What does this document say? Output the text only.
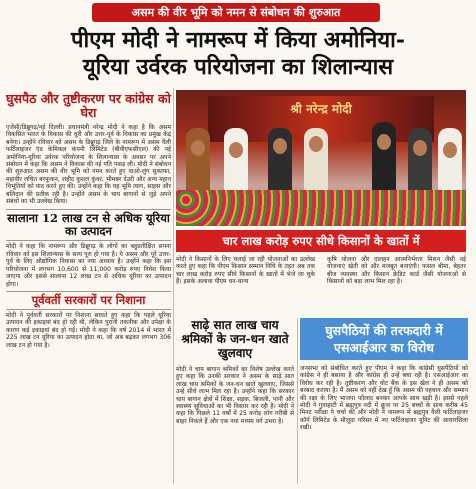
असम की वीर भूमि को नमन से संबोधन की शुरुआत
पीएम मोदी ने नामरूप में किया अमोनिया-
यूरिया उर्वरक परियोजना का शिलान्यास
घुसपैठ और तुष्टीकरण पर कांग्रेस को घेरा
एजेंसी/डिब्रूगढ़/नई दिल्ली। प्रधानमंत्री नरेन्द्र मोदी ने कहा है कि असम विकसित भारत के विकास की धुरी और उत्तर-पूर्व के विकास का प्रमुख केंद्र बनेगा। उन्होंने रविवार को असम के डिब्रूगढ़ जिले के नामरूप में असम वैली फर्टिलाइजर एंड केमिकल कंपनी लिमिटेड (बीवीएफसीएल) की नई अमोनिया-यूरिया उर्वरक परियोजना के शिलान्यास के अवसर पर अपने संबोधन में कहा कि असम ने विकास की नई गति पकड़ ली। मोदी ने संबोधन की शुरुआत असम की वीर भूमि को नमन करते हुए वाओ-लुंग सुकाफा, महावीर लचित बरफुकन, शहीद कुशल कुंवर, भीमबर देउरी और अन्य महान विभूतियों को याद करते हुए की। उन्होंने कहा कि यह भूमि त्याग, साहस और बलिदान की प्रतीक रही है। उन्होंने असम के चाय बागानों से जुड़े अपने संबंधों का भी उल्लेख किया।
सालाना 12 लाख टन से अधिक यूरिया का उत्पादन
मोदी ने कहा कि नामरूप और डिब्रूगढ़ के लोगों का बहुप्रतीक्षित सपना रविवार को इस शिलान्यास के साथ पूरा हो गया है। ये असम और पूरे उत्तर-पूर्व के लिए औद्योगिक विकास का नया अध्याय है। उन्होंने कहा कि इस परियोजना में लगभग 10,600 से 11,000 करोड़ रुपए निवेश किया जाएगा और इससे सालाना 12 लाख टन से अधिक यूरिया का उत्पादन होगा।
पूर्ववर्ती सरकारों पर निशाना
मोदी ने पूर्ववर्ती सरकारों पर निशाना साधते हुए कहा कि पहले यूरिया उत्पादन की इकाइयां बंद हो रही थीं, लेकिन पुरानी तकनीक और उपेक्षा के कारण कई इकाइयां बंद हो गईं। मोदी ने कहा कि वर्ष 2014 में भारत में 225 लाख टन यूरिया का उत्पादन होता था, जो अब बढ़कर लगभग 306 लाख टन हो गया है।
श्री नरेन्द्र मोदी
चार लाख करोड़ रुपए सीधे किसानों के खातों में
मोदी ने किसानों के लिए चलाई जा रही योजनाओं का उल्लेख करते हुए कहा कि पीएम किसान सम्मान निधि के तहत अब तक चार लाख करोड़ रुपए सीधे किसानों के खातों में भेजे जा चुके हैं। इसके अलावा पीएम धन-धान्य
कृषि योजना और दालहन आत्मनिर्भरता मिशन जैसी नई योजनाएं खेती को और मजबूत बनाएंगी। फसल बीमा, बेहतर बीज व्यवस्था और किसान क्रेडिट कार्ड जैसी योजनाओं से किसानों को बड़ा लाभ मिल रहा है।
साढ़े सात लाख चाय श्रमिकों के जन-धन खाते खुलवाए
मोदी ने चाय बागान श्रमिकों का विशेष उल्लेख करते हुए कहा कि उनकी सरकार ने असम के साढ़े सात लाख चाय श्रमिकों के जन-धन खाते खुलवाए, जिससे उन्हें सीधे लाभ मिल रहा है। उन्होंने कहा कि सरकार चाय बागान क्षेत्रों में शिक्षा, सड़क, बिजली, पानी और स्वास्थ्य सुविधाओं का भी विस्तार कर रही है। मोदी ने कहा कि पिछले 11 वर्षों में 25 करोड़ लोग गरीबी से बाहर निकले हैं और एक नया मध्यम वर्ग उभरा है।
घुसपैठियों की तरफदारी में एसआईआर का विरोध
जनसभा को संबोधित करते हुए पीएम ने कहा कि कांग्रेसी घुसपैठियों को कांग्रेस ने ही बसाया है और कांग्रेस ही उन्हें बचा रही है। एसआईआर का विरोध कर रही है। तुष्टीकरण और वोट बैंक के इस खेल ने ही असम को बरबाद कराया है। मैं असम को नहीं देख हूँ कि असम की पहचान और सम्मान की रक्षा के लिए भाजपा फौलाद बनकर आपके साथ खड़ी है। इससे पहले मोदी ने गुवाहाटी में ब्रह्मपुत्र नदी में क्रूज पर 25 बच्चों के साथ करीब 45 मिनट परीक्षा पे चर्चा की और मोदी ने नामरूप में ब्रह्मपुत्र वैली फर्टिलाइजर कॉर्प लिमिटेड के मौजूदा परिसर में नए फर्टिलाइजर यूनिट की आधारशिला रखी।
